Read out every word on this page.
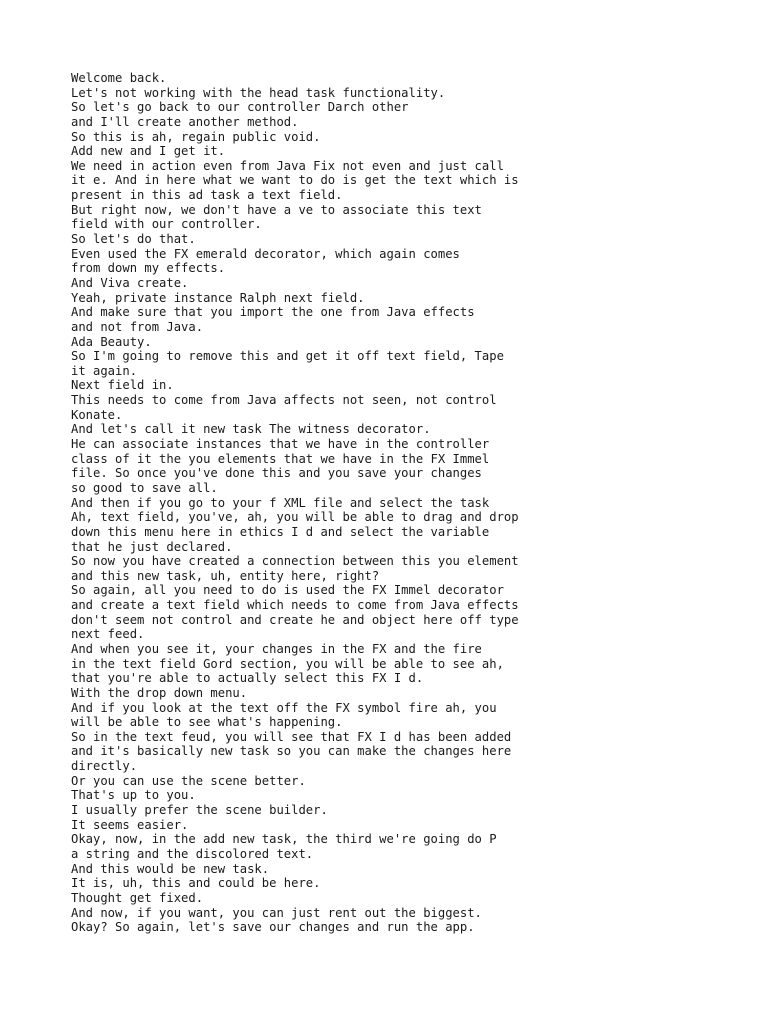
Welcome back.
Let's not working with the head task functionality.
So let's go back to our controller Darch other
and I'll create another method.
So this is ah, regain public void.
Add new and I get it.
We need in action even from Java Fix not even and just call
it e. And in here what we want to do is get the text which is
present in this ad task a text field.
But right now, we don't have a ve to associate this text
field with our controller.
So let's do that.
Even used the FX emerald decorator, which again comes
from down my effects.
And Viva create.
Yeah, private instance Ralph next field.
And make sure that you import the one from Java effects
and not from Java.
Ada Beauty.
So I'm going to remove this and get it off text field, Tape
it again.
Next field in.
This needs to come from Java affects not seen, not control
Konate.
And let's call it new task The witness decorator.
He can associate instances that we have in the controller
class of it the you elements that we have in the FX Immel
file. So once you've done this and you save your changes
so good to save all.
And then if you go to your f XML file and select the task
Ah, text field, you've, ah, you will be able to drag and drop
down this menu here in ethics I d and select the variable
that he just declared.
So now you have created a connection between this you element
and this new task, uh, entity here, right?
So again, all you need to do is used the FX Immel decorator
and create a text field which needs to come from Java effects
don't seem not control and create he and object here off type
next feed.
And when you see it, your changes in the FX and the fire
in the text field Gord section, you will be able to see ah,
that you're able to actually select this FX I d.
With the drop down menu.
And if you look at the text off the FX symbol fire ah, you
will be able to see what's happening.
So in the text feud, you will see that FX I d has been added
and it's basically new task so you can make the changes here
directly.
Or you can use the scene better.
That's up to you.
I usually prefer the scene builder.
It seems easier.
Okay, now, in the add new task, the third we're going do P
a string and the discolored text.
And this would be new task.
It is, uh, this and could be here.
Thought get fixed.
And now, if you want, you can just rent out the biggest.
Okay? So again, let's save our changes and run the app.
